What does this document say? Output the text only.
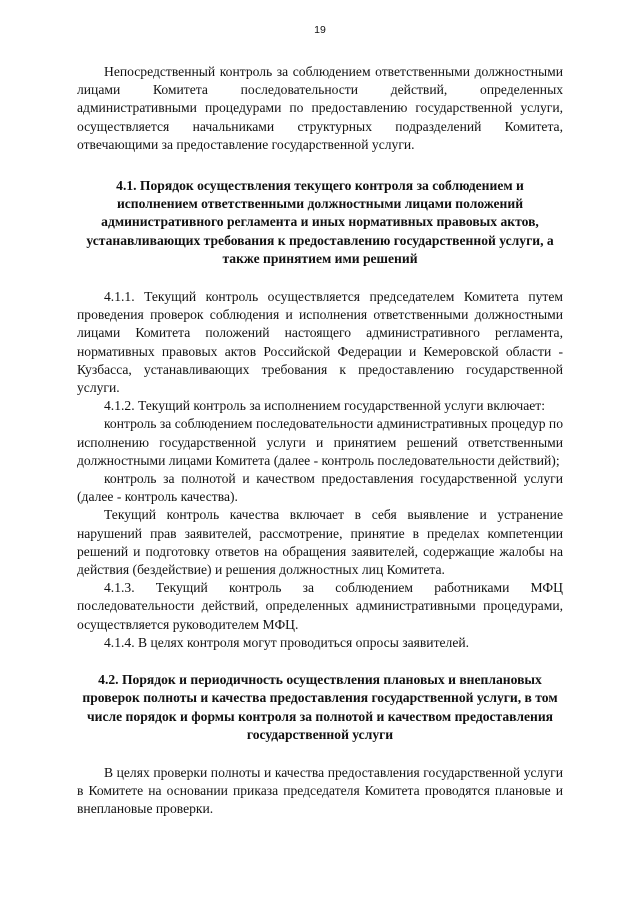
19

Непосредственный контроль за соблюдением ответственными должностными лицами Комитета последовательности действий, определенных административными процедурами по предоставлению государственной услуги, осуществляется начальниками структурных подразделений Комитета, отвечающими за предоставление государственной услуги.

4.1. Порядок осуществления текущего контроля за соблюдением и исполнением ответственными должностными лицами положений административного регламента и иных нормативных правовых актов, устанавливающих требования к предоставлению государственной услуги, а также принятием ими решений

4.1.1. Текущий контроль осуществляется председателем Комитета путем проведения проверок соблюдения и исполнения ответственными должностными лицами Комитета положений настоящего административного регламента, нормативных правовых актов Российской Федерации и Кемеровской области - Кузбасса, устанавливающих требования к предоставлению государственной услуги.

4.1.2. Текущий контроль за исполнением государственной услуги включает:

контроль за соблюдением последовательности административных процедур по исполнению государственной услуги и принятием решений ответственными должностными лицами Комитета (далее - контроль последовательности действий);

контроль за полнотой и качеством предоставления государственной услуги (далее - контроль качества).

Текущий контроль качества включает в себя выявление и устранение нарушений прав заявителей, рассмотрение, принятие в пределах компетенции решений и подготовку ответов на обращения заявителей, содержащие жалобы на действия (бездействие) и решения должностных лиц Комитета.

4.1.3. Текущий контроль за соблюдением работниками МФЦ последовательности действий, определенных административными процедурами, осуществляется руководителем МФЦ.

4.1.4. В целях контроля могут проводиться опросы заявителей.

4.2. Порядок и периодичность осуществления плановых и внеплановых проверок полноты и качества предоставления государственной услуги, в том числе порядок и формы контроля за полнотой и качеством предоставления государственной услуги

В целях проверки полноты и качества предоставления государственной услуги в Комитете на основании приказа председателя Комитета проводятся плановые и внеплановые проверки.
